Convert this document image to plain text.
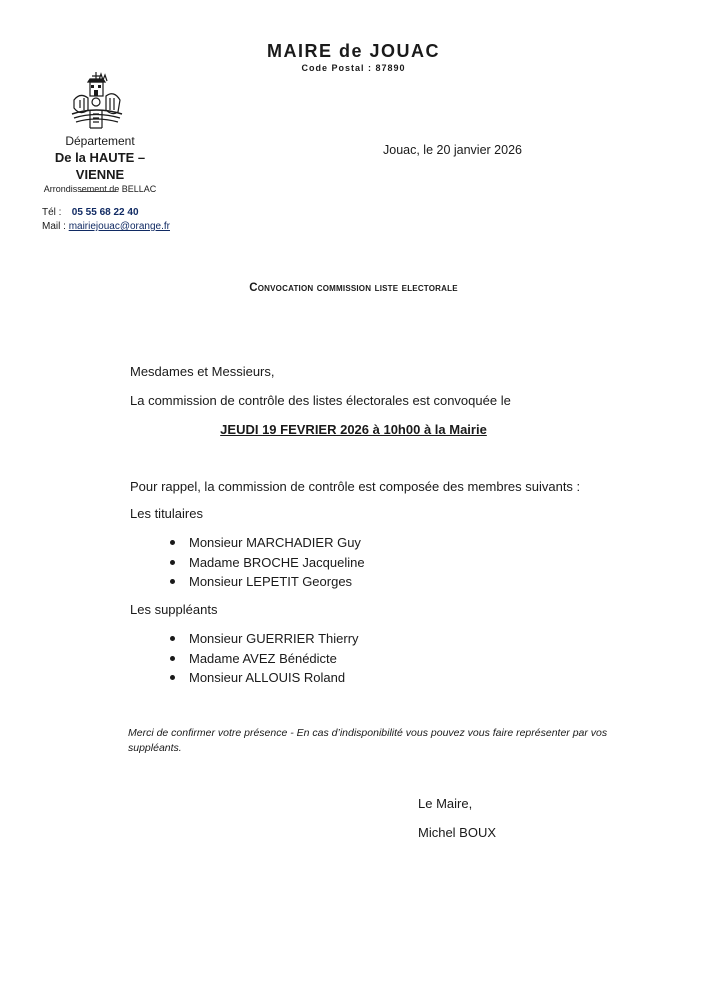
MAIRE de JOUAC
Code Postal : 87890
Département
De la HAUTE – VIENNE
Arrondissement de BELLAC
Tél : 05 55 68 22 40
Mail : mairiejouac@orange.fr
Jouac, le 20 janvier 2026
Convocation commission liste electorale
Mesdames et Messieurs,
La commission de contrôle des listes électorales est convoquée le
JEUDI 19 FEVRIER 2026 à 10h00 à la Mairie
Pour rappel, la commission de contrôle est composée des membres suivants :
Les titulaires
Monsieur MARCHADIER Guy
Madame BROCHE Jacqueline
Monsieur LEPETIT Georges
Les suppléants
Monsieur GUERRIER Thierry
Madame AVEZ Bénédicte
Monsieur ALLOUIS Roland
Merci de confirmer votre présence - En cas d’indisponibilité vous pouvez vous faire représenter par vos suppléants.
Le Maire,
Michel BOUX
